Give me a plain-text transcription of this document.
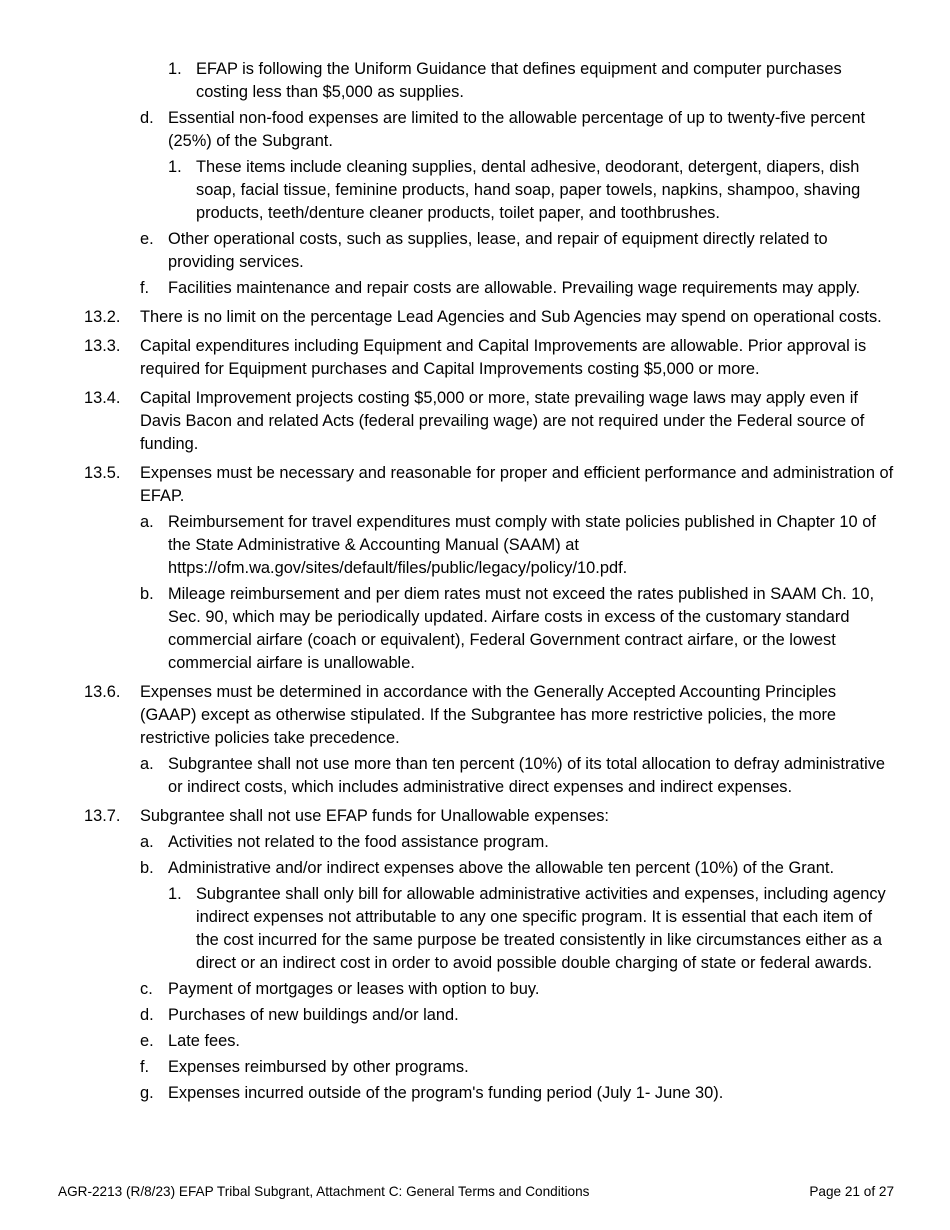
1. EFAP is following the Uniform Guidance that defines equipment and computer purchases costing less than $5,000 as supplies.
d. Essential non-food expenses are limited to the allowable percentage of up to twenty-five percent (25%) of the Subgrant.
1. These items include cleaning supplies, dental adhesive, deodorant, detergent, diapers, dish soap, facial tissue, feminine products, hand soap, paper towels, napkins, shampoo, shaving products, teeth/denture cleaner products, toilet paper, and toothbrushes.
e. Other operational costs, such as supplies, lease, and repair of equipment directly related to providing services.
f.	Facilities maintenance and repair costs are allowable. Prevailing wage requirements may apply.
13.2.	There is no limit on the percentage Lead Agencies and Sub Agencies may spend on operational costs.
13.3.	Capital expenditures including Equipment and Capital Improvements are allowable. Prior approval is required for Equipment purchases and Capital Improvements costing $5,000 or more.
13.4.	Capital Improvement projects costing $5,000 or more, state prevailing wage laws may apply even if Davis Bacon and related Acts (federal prevailing wage) are not required under the Federal source of funding.
13.5.	Expenses must be necessary and reasonable for proper and efficient performance and administration of EFAP.
a. Reimbursement for travel expenditures must comply with state policies published in Chapter 10 of the State Administrative & Accounting Manual (SAAM) at https://ofm.wa.gov/sites/default/files/public/legacy/policy/10.pdf.
b. Mileage reimbursement and per diem rates must not exceed the rates published in SAAM Ch. 10, Sec. 90, which may be periodically updated. Airfare costs in excess of the customary standard commercial airfare (coach or equivalent), Federal Government contract airfare, or the lowest commercial airfare is unallowable.
13.6.	Expenses must be determined in accordance with the Generally Accepted Accounting Principles (GAAP) except as otherwise stipulated. If the Subgrantee has more restrictive policies, the more restrictive policies take precedence.
a. Subgrantee shall not use more than ten percent (10%) of its total allocation to defray administrative or indirect costs, which includes administrative direct expenses and indirect expenses.
13.7.	Subgrantee shall not use EFAP funds for Unallowable expenses:
a. Activities not related to the food assistance program.
b. Administrative and/or indirect expenses above the allowable ten percent (10%) of the Grant.
1. Subgrantee shall only bill for allowable administrative activities and expenses, including agency indirect expenses not attributable to any one specific program. It is essential that each item of the cost incurred for the same purpose be treated consistently in like circumstances either as a direct or an indirect cost in order to avoid possible double charging of state or federal awards.
c. Payment of mortgages or leases with option to buy.
d. Purchases of new buildings and/or land.
e. Late fees.
f.	Expenses reimbursed by other programs.
g. Expenses incurred outside of the program's funding period (July 1- June 30).
AGR-2213 (R/8/23) EFAP Tribal Subgrant, Attachment C: General Terms and Conditions	Page 21 of 27
